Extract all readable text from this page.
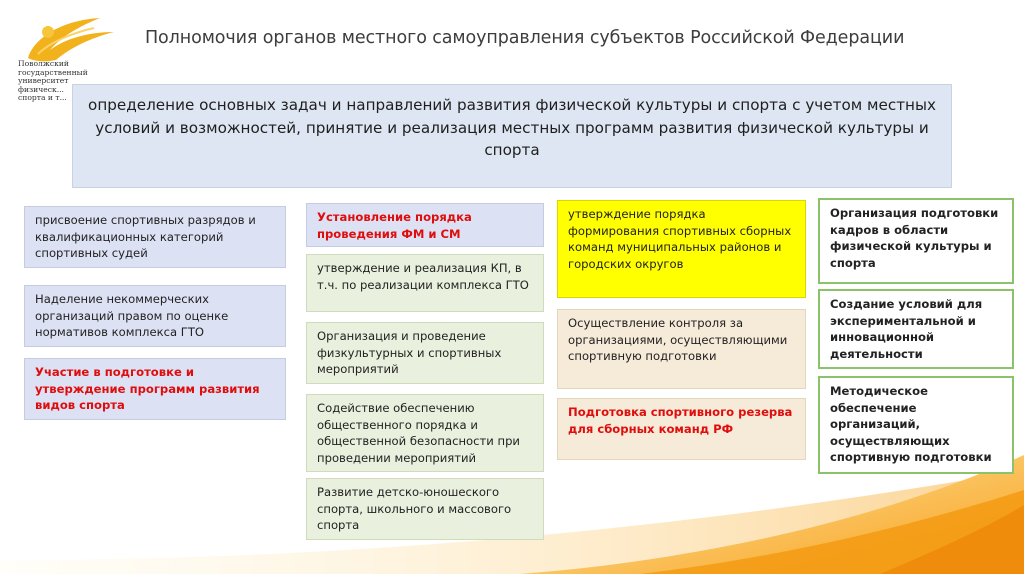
Поволжский
государственный университет
физическ...
спорта и т...
Полномочия органов местного самоуправления субъектов Российской Федерации
определение основных задач и направлений развития физической культуры и спорта с учетом местных условий и возможностей, принятие и реализация местных программ развития физической культуры и спорта
присвоение спортивных разрядов и квалификационных категорий спортивных судей
Наделение некоммерческих организаций правом по оценке нормативов комплекса ГТО
Участие в подготовке и утверждение программ развития видов спорта
Установление порядка проведения ФМ и СМ
утверждение и реализация КП, в т.ч. по реализации комплекса ГТО
Организация и проведение физкультурных и спортивных мероприятий
Содействие обеспечению общественного порядка и общественной безопасности при проведении мероприятий
Развитие детско-юношеского спорта, школьного и массового спорта
утверждение порядка формирования спортивных сборных команд муниципальных районов и городских округов
Осуществление контроля за организациями, осуществляющими спортивную подготовки
Подготовка спортивного резерва для сборных команд РФ
Организация подготовки кадров в области физической культуры и спорта
Создание условий для экспериментальной и инновационной деятельности
Методическое обеспечение организаций, осуществляющих спортивную подготовки
